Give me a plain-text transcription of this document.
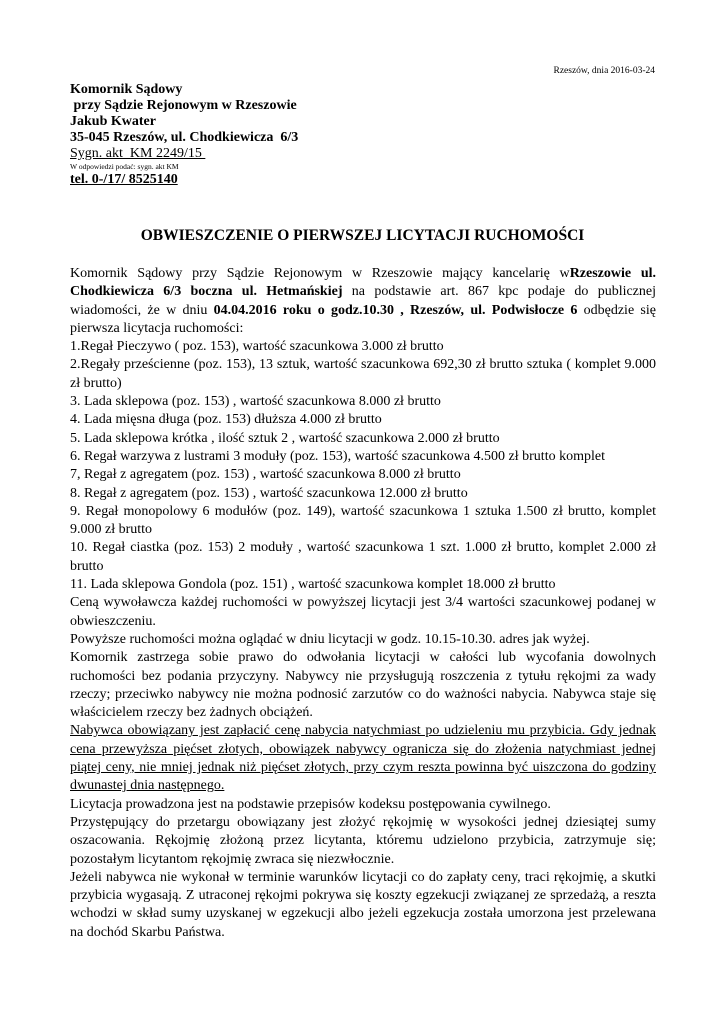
Rzeszów, dnia 2016-03-24
Komornik Sądowy
przy Sądzie Rejonowym w Rzeszowie
Jakub Kwater
35-045 Rzeszów, ul. Chodkiewicza  6/3
Sygn. akt  KM 2249/15
W odpowiedzi podać: sygn. akt KM
tel. 0-/17/ 8525140
OBWIESZCZENIE O PIERWSZEJ LICYTACJI RUCHOMOŚCI

Komornik Sądowy przy Sądzie Rejonowym w Rzeszowie mający kancelarię wRzeszowie ul. Chodkiewicza 6/3 boczna ul. Hetmańskiej na podstawie art. 867 kpc podaje do publicznej wiadomości, że w dniu 04.04.2016 roku o godz.10.30 , Rzeszów, ul. Podwisłocze 6 odbędzie się pierwsza licytacja ruchomości:

1.Regał Pieczywo ( poz. 153), wartość szacunkowa 3.000 zł brutto

2.Regały prześcienne (poz. 153), 13 sztuk, wartość szacunkowa 692,30 zł brutto sztuka ( komplet 9.000 zł brutto)

3. Lada sklepowa (poz. 153) , wartość szacunkowa 8.000 zł brutto

4. Lada mięsna długa (poz. 153) dłuższa 4.000 zł brutto

5. Lada sklepowa krótka , ilość sztuk 2 , wartość szacunkowa 2.000 zł brutto

6. Regał warzywa z lustrami 3 moduły (poz. 153), wartość szacunkowa 4.500 zł brutto komplet

7, Regał z agregatem (poz. 153) , wartość szacunkowa 8.000 zł brutto

8. Regał z agregatem (poz. 153) , wartość szacunkowa 12.000 zł brutto

9. Regał monopolowy 6 modułów (poz. 149), wartość szacunkowa 1 sztuka 1.500 zł brutto, komplet 9.000 zł brutto

10. Regał ciastka (poz. 153) 2 moduły , wartość szacunkowa 1 szt. 1.000 zł brutto, komplet 2.000 zł brutto

11. Lada sklepowa Gondola (poz. 151) , wartość szacunkowa komplet 18.000 zł brutto

Ceną wywoławcza każdej ruchomości w powyższej licytacji jest 3/4 wartości szacunkowej podanej w obwieszczeniu.

Powyższe ruchomości można oglądać w dniu licytacji w godz. 10.15-10.30. adres jak wyżej.

Komornik zastrzega sobie prawo do odwołania licytacji w całości lub wycofania dowolnych ruchomości bez podania przyczyny. Nabywcy nie przysługują roszczenia z tytułu rękojmi za wady rzeczy; przeciwko nabywcy nie można podnosić zarzutów co do ważności nabycia. Nabywca staje się właścicielem rzeczy bez żadnych obciążeń.

Nabywca obowiązany jest zapłacić cenę nabycia natychmiast po udzieleniu mu przybicia. Gdy jednak cena przewyższa pięćset złotych, obowiązek nabywcy ogranicza się do złożenia natychmiast jednej piątej ceny, nie mniej jednak niż pięćset złotych, przy czym reszta powinna być uiszczona do godziny dwunastej dnia następnego.

Licytacja prowadzona jest na podstawie przepisów kodeksu postępowania cywilnego.

Przystępujący do przetargu obowiązany jest złożyć rękojmię w wysokości jednej dziesiątej sumy oszacowania. Rękojmię złożoną przez licytanta, któremu udzielono przybicia, zatrzymuje się; pozostałym licytantom rękojmię zwraca się niezwłocznie.

Jeżeli nabywca nie wykonał w terminie warunków licytacji co do zapłaty ceny, traci rękojmię, a skutki przybicia wygasają. Z utraconej rękojmi pokrywa się koszty egzekucji związanej ze sprzedażą, a reszta wchodzi w skład sumy uzyskanej w egzekucji albo jeżeli egzekucja została umorzona jest przelewana na dochód Skarbu Państwa.
